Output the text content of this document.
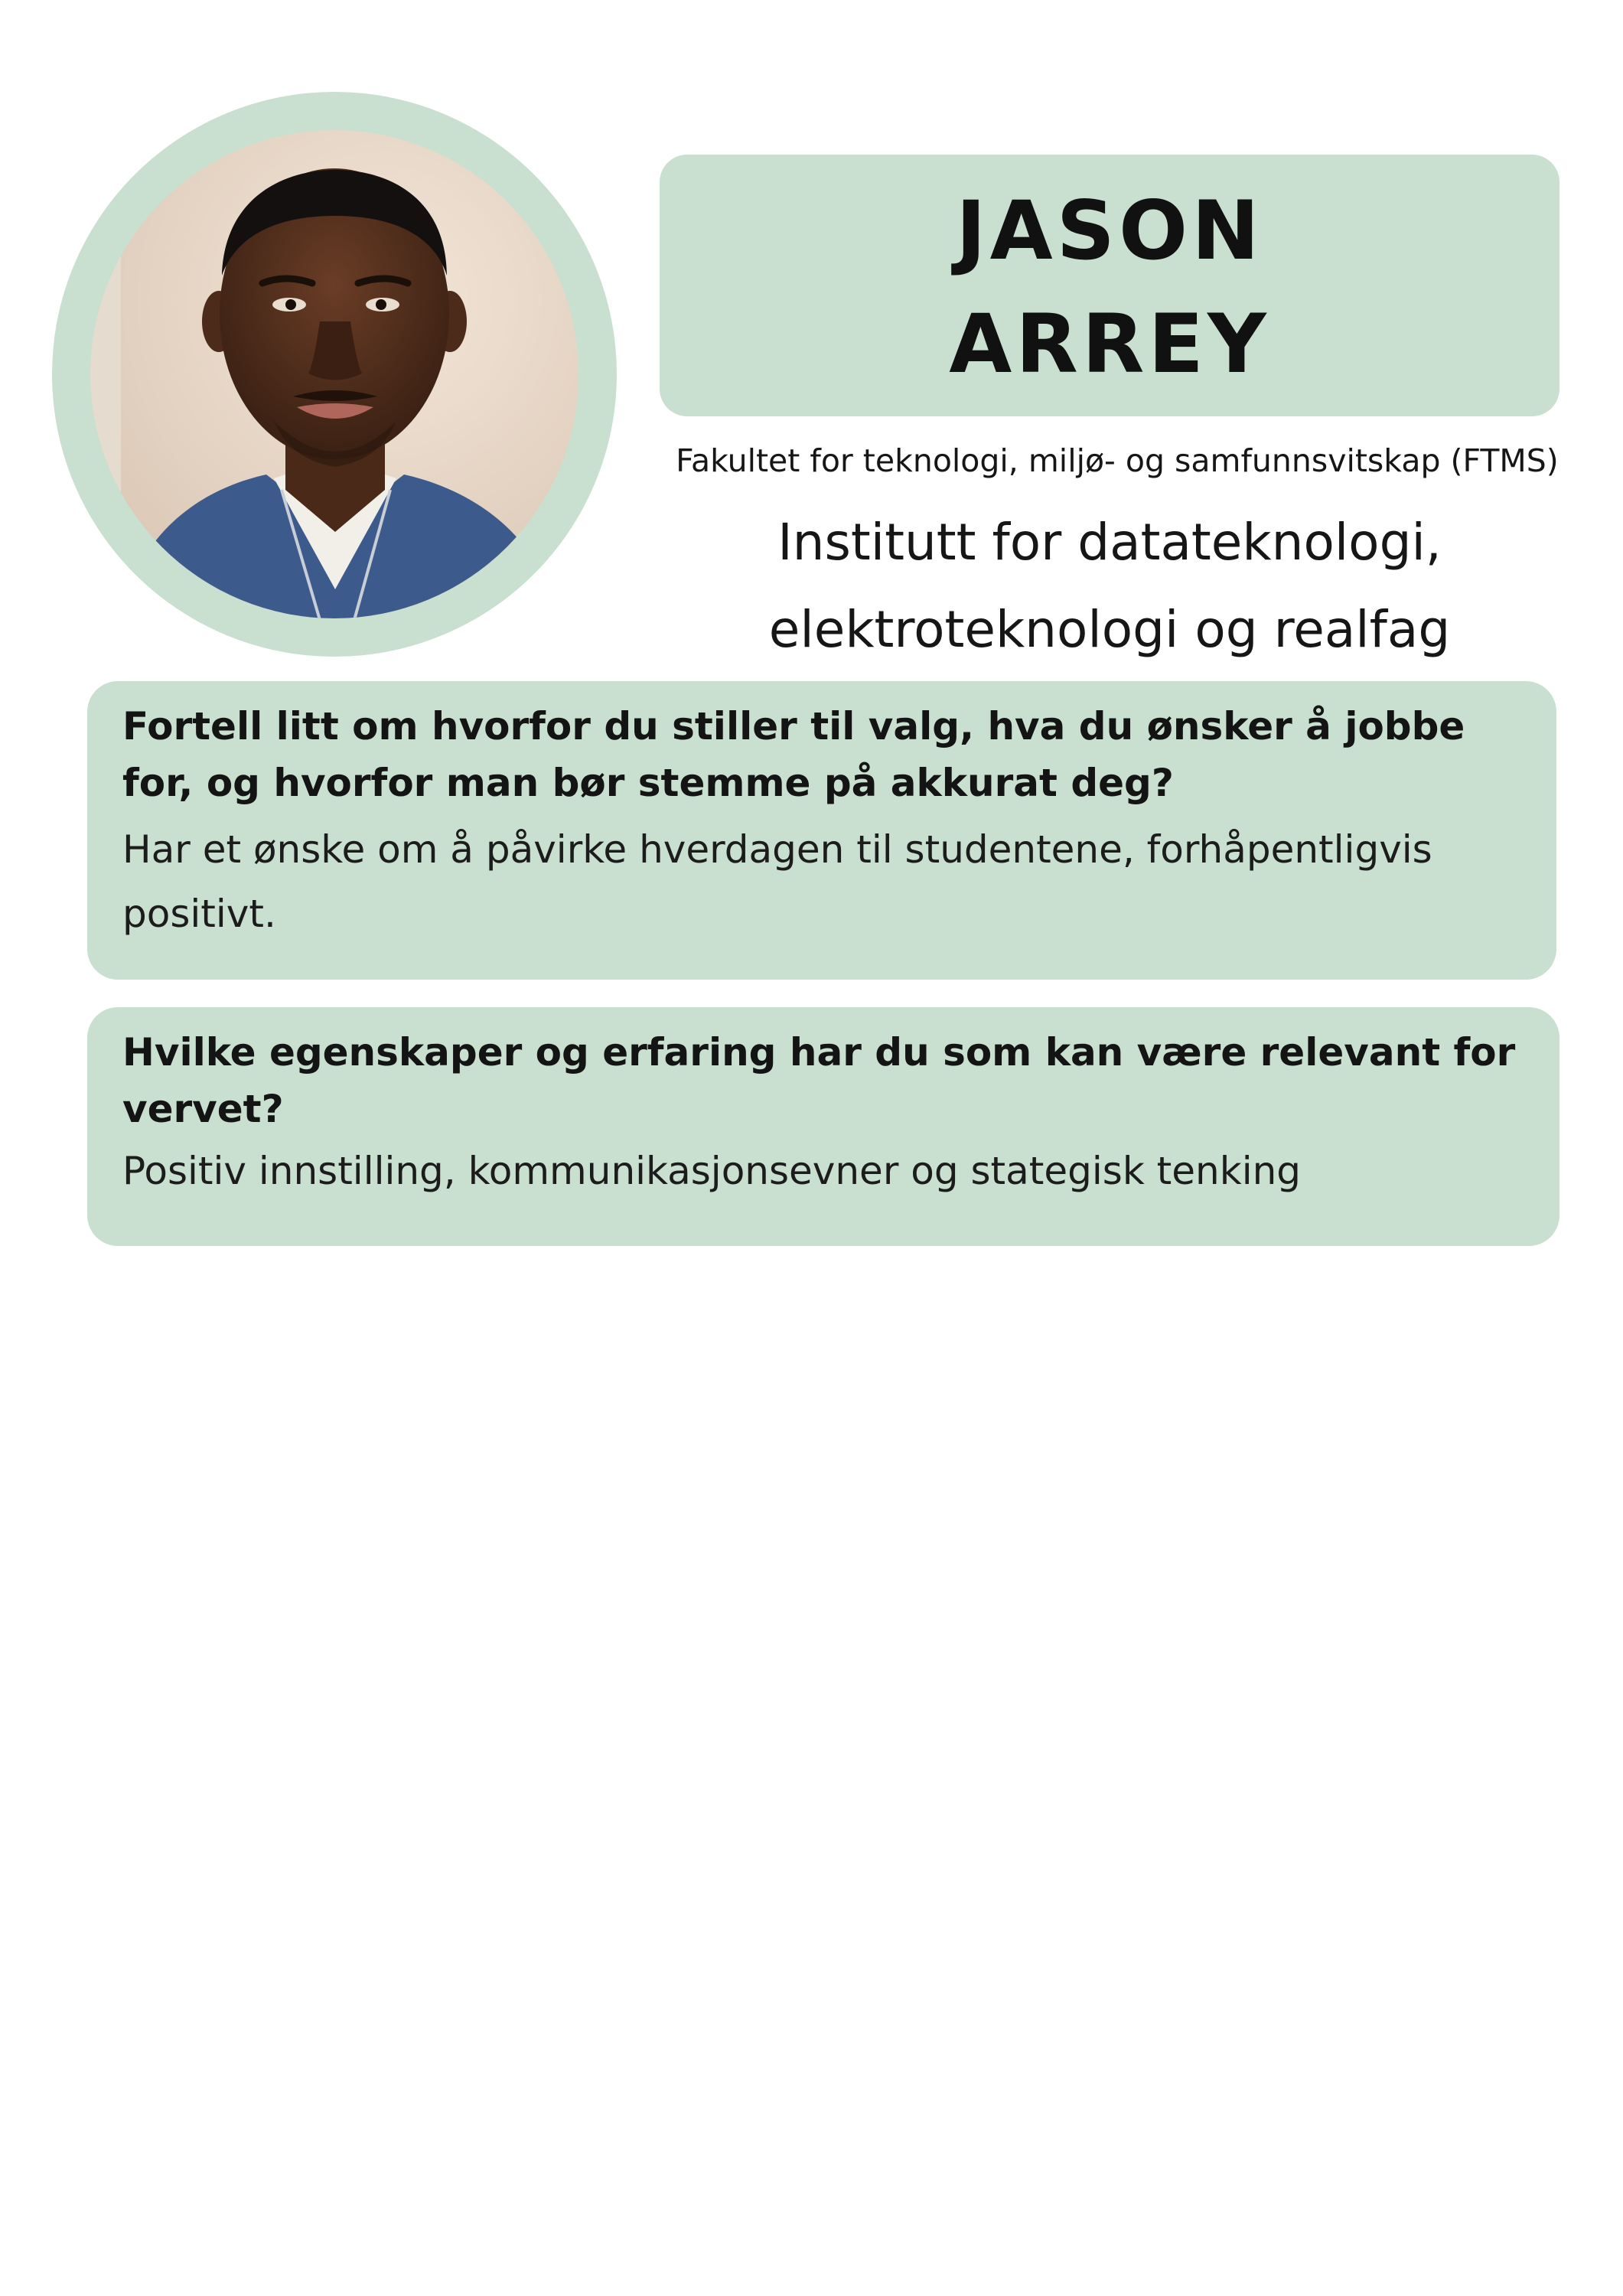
JASON
ARREY
Fakultet for teknologi, miljø- og samfunnsvitskap (FTMS)
Institutt for datateknologi,
elektroteknologi og realfag
Fortell litt om hvorfor du stiller til valg, hva du ønsker å jobbe for, og hvorfor man bør stemme på akkurat deg?
Har et ønske om å påvirke hverdagen til studentene, forhåpentligvis positivt.
Hvilke egenskaper og erfaring har du som kan være relevant for vervet?
Positiv innstilling, kommunikasjonsevner og stategisk tenking
